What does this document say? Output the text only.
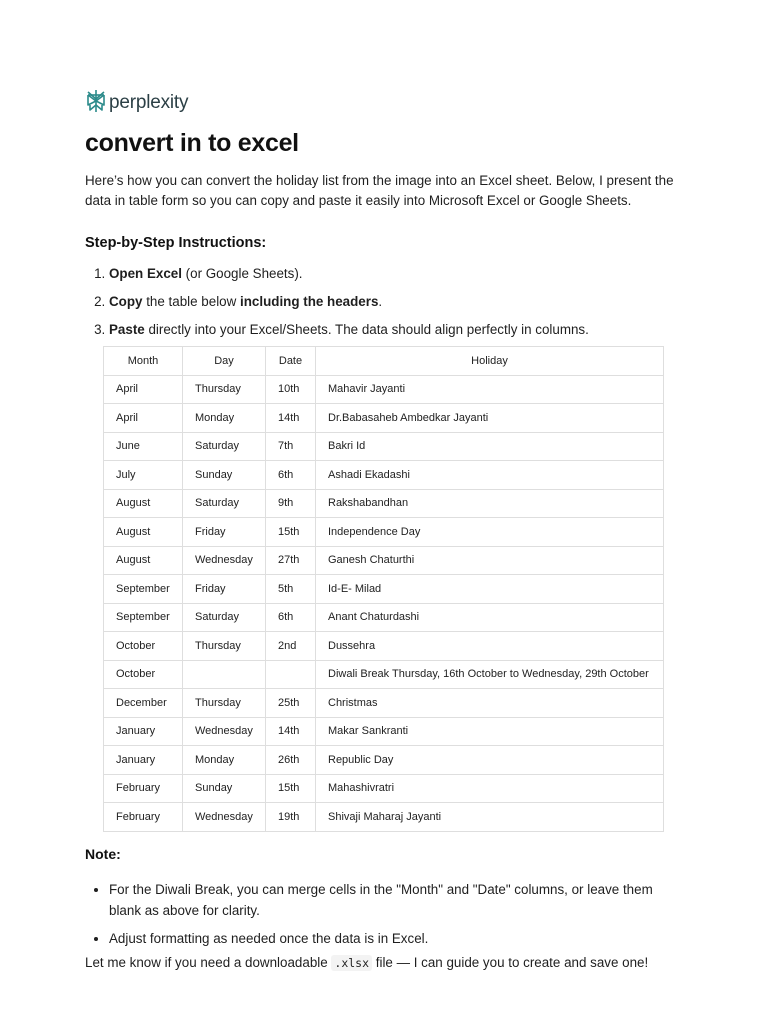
perplexity
convert in to excel

Here’s how you can convert the holiday list from the image into an Excel sheet. Below, I present the data in table form so you can copy and paste it easily into Microsoft Excel or Google Sheets.

Step-by-Step Instructions:
1. Open Excel (or Google Sheets).
2. Copy the table below including the headers.
3. Paste directly into your Excel/Sheets. The data should align perfectly in columns.
Month	Day	Date	Holiday
April	Thursday	10th	Mahavir Jayanti
April	Monday	14th	Dr.Babasaheb Ambedkar Jayanti
June	Saturday	7th	Bakri Id
July	Sunday	6th	Ashadi Ekadashi
August	Saturday	9th	Rakshabandhan
August	Friday	15th	Independence Day
August	Wednesday	27th	Ganesh Chaturthi
September	Friday	5th	Id-E- Milad
September	Saturday	6th	Anant Chaturdashi
October	Thursday	2nd	Dussehra
October			Diwali Break Thursday, 16th October to Wednesday, 29th October
December	Thursday	25th	Christmas
January	Wednesday	14th	Makar Sankranti
January	Monday	26th	Republic Day
February	Sunday	15th	Mahashivratri
February	Wednesday	19th	Shivaji Maharaj Jayanti
Note:
• For the Diwali Break, you can merge cells in the "Month" and "Date" columns, or leave them blank as above for clarity.
• Adjust formatting as needed once the data is in Excel.

Let me know if you need a downloadable .xlsx file — I can guide you to create and save one!
